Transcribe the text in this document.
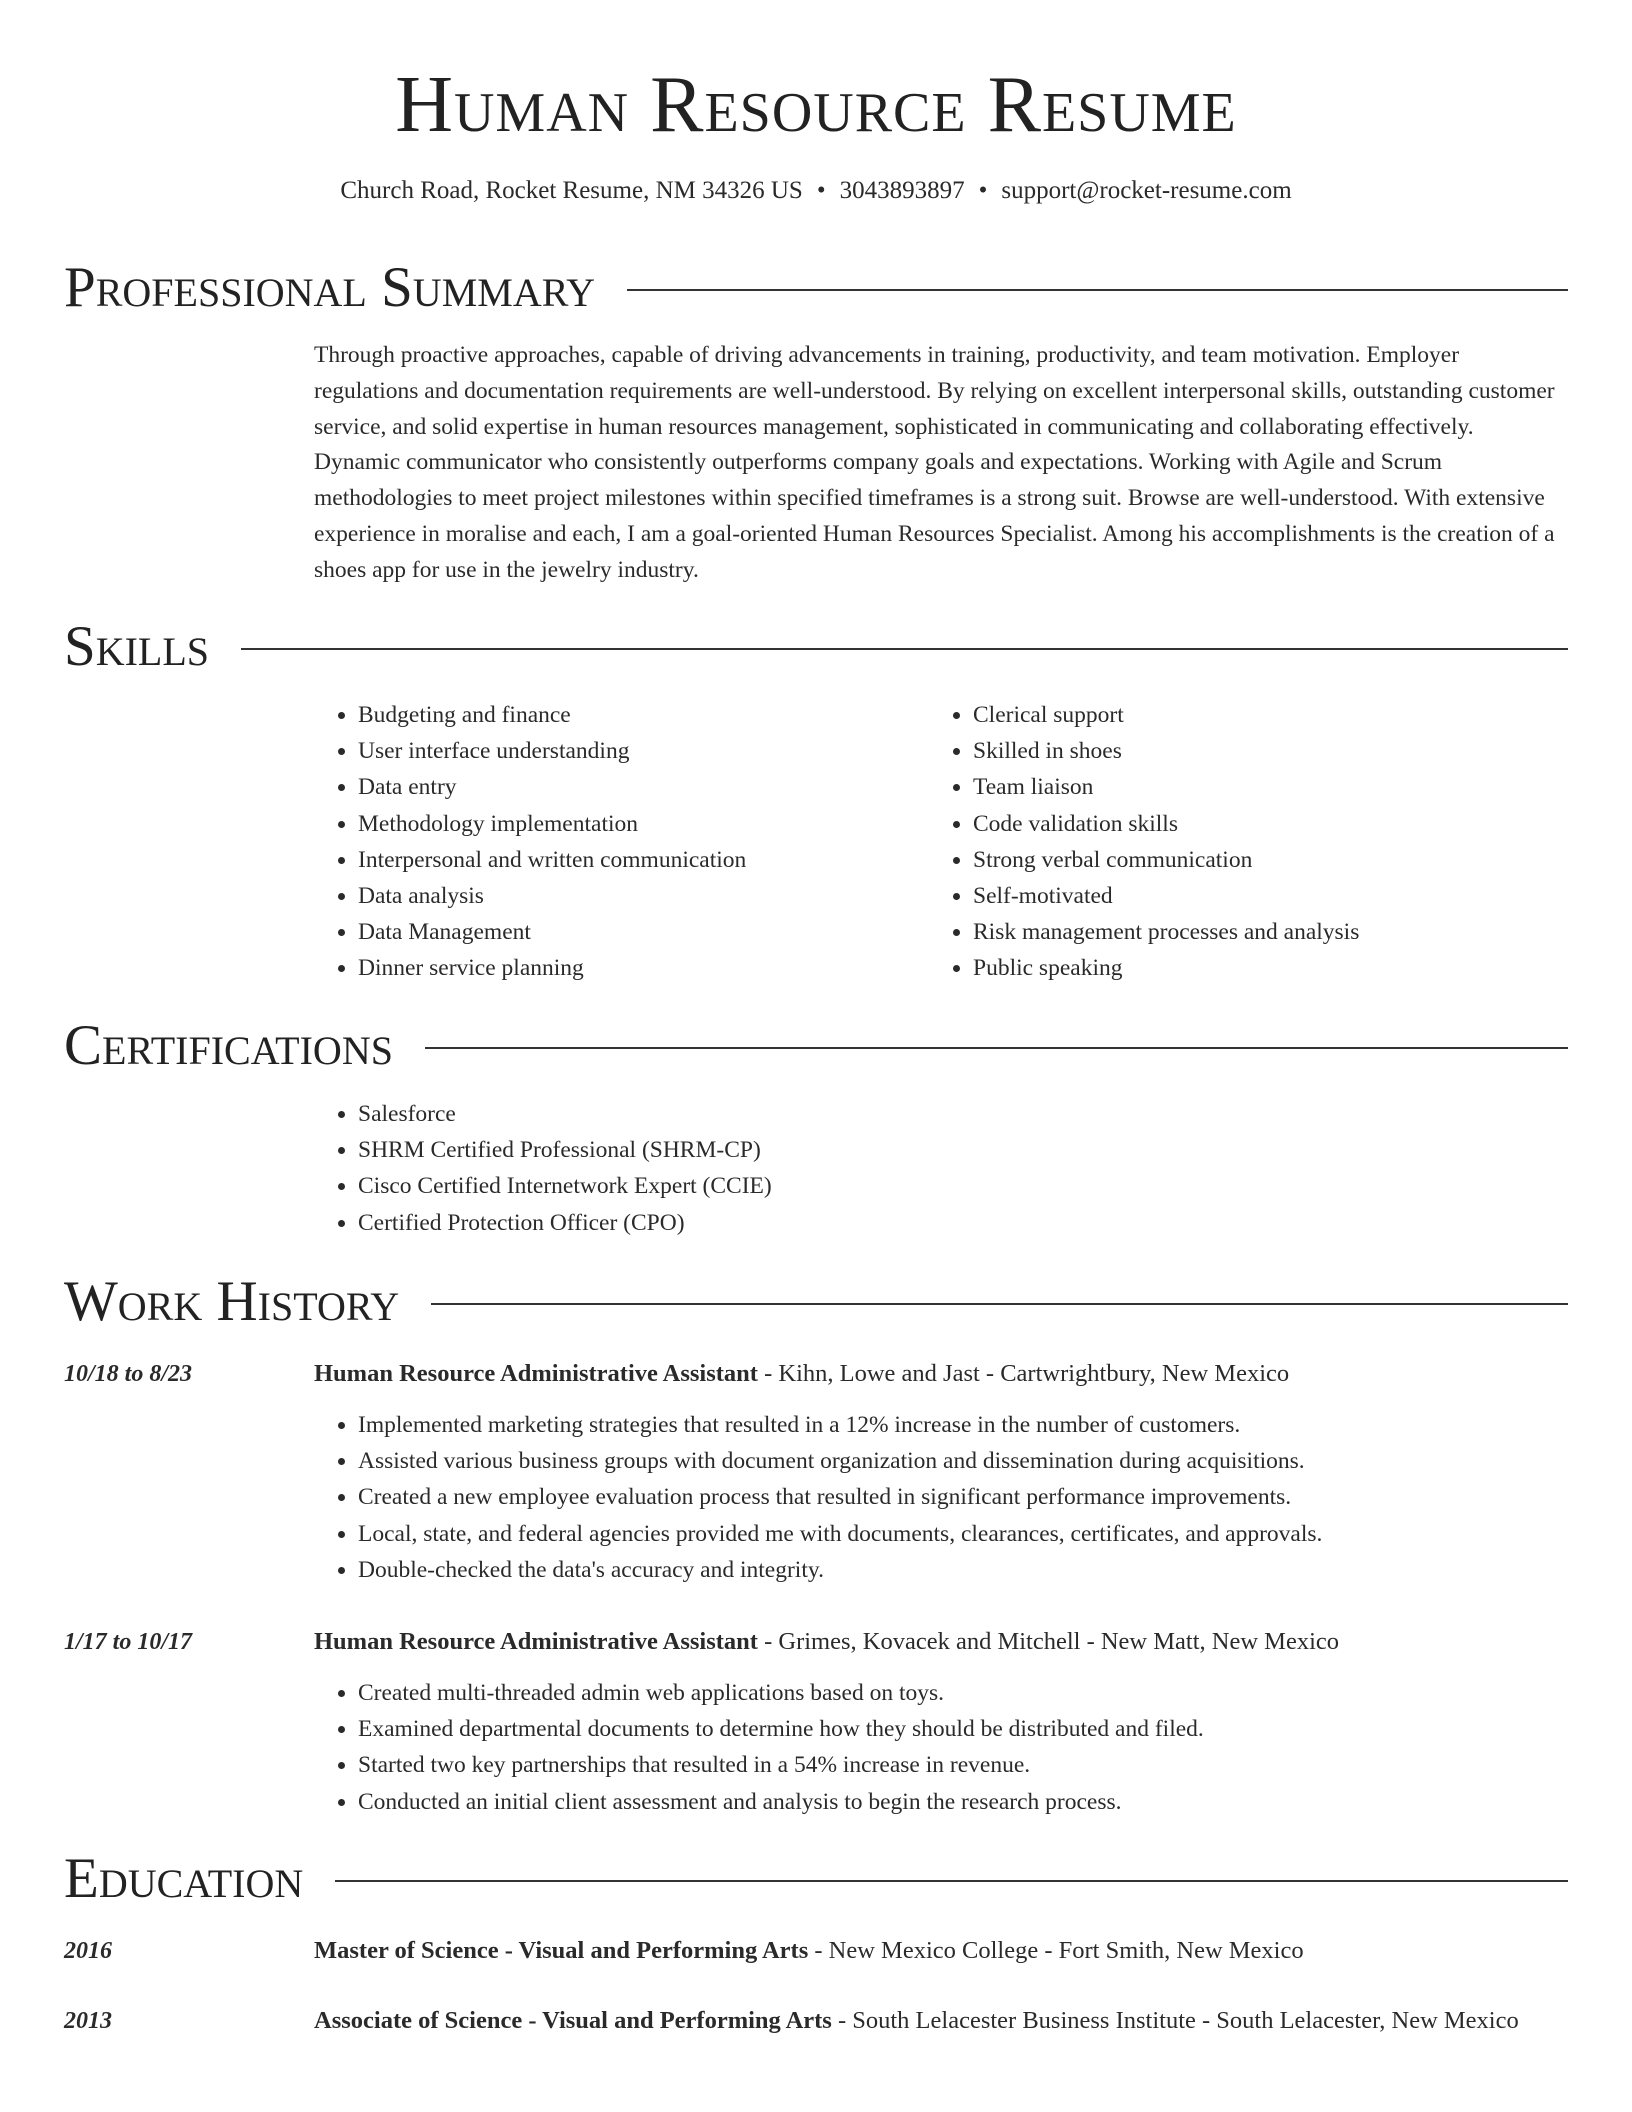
Human Resource Resume
Church Road, Rocket Resume, NM 34326 US • 3043893897 • support@rocket-resume.com
Professional Summary

Through proactive approaches, capable of driving advancements in training, productivity, and team motivation. Employer regulations and documentation requirements are well-understood. By relying on excellent interpersonal skills, outstanding customer service, and solid expertise in human resources management, sophisticated in communicating and collaborating effectively. Dynamic communicator who consistently outperforms company goals and expectations. Working with Agile and Scrum methodologies to meet project milestones within specified timeframes is a strong suit. Browse are well-understood. With extensive experience in moralise and each, I am a goal-oriented Human Resources Specialist. Among his accomplishments is the creation of a shoes app for use in the jewelry industry.

Skills
• Budgeting and finance
• User interface understanding
• Data entry
• Methodology implementation
• Interpersonal and written communication
• Data analysis
• Data Management
• Dinner service planning
• Clerical support
• Skilled in shoes
• Team liaison
• Code validation skills
• Strong verbal communication
• Self-motivated
• Risk management processes and analysis
• Public speaking
Certifications
• Salesforce
• SHRM Certified Professional (SHRM-CP)
• Cisco Certified Internetwork Expert (CCIE)
• Certified Protection Officer (CPO)
Work History
10/18 to 8/23	Human Resource Administrative Assistant - Kihn, Lowe and Jast - Cartwrightbury, New Mexico
• Implemented marketing strategies that resulted in a 12% increase in the number of customers.
• Assisted various business groups with document organization and dissemination during acquisitions.
• Created a new employee evaluation process that resulted in significant performance improvements.
• Local, state, and federal agencies provided me with documents, clearances, certificates, and approvals.
• Double-checked the data's accuracy and integrity.
1/17 to 10/17	Human Resource Administrative Assistant - Grimes, Kovacek and Mitchell - New Matt, New Mexico
• Created multi-threaded admin web applications based on toys.
• Examined departmental documents to determine how they should be distributed and filed.
• Started two key partnerships that resulted in a 54% increase in revenue.
• Conducted an initial client assessment and analysis to begin the research process.
Education
2016	Master of Science - Visual and Performing Arts - New Mexico College - Fort Smith, New Mexico
2013	Associate of Science - Visual and Performing Arts - South Lelacester Business Institute - South Lelacester, New Mexico
